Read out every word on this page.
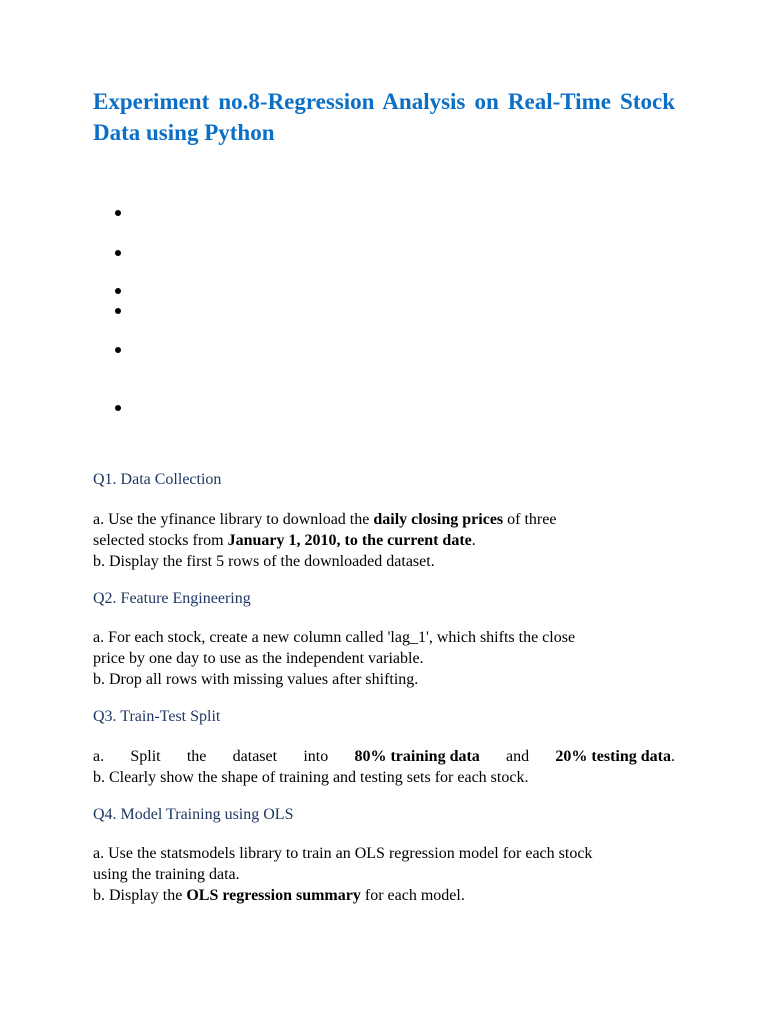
Experiment no.8-Regression Analysis on Real-Time Stock Data using Python
Q1. Data Collection
a. Use the yfinance library to download the daily closing prices of three
selected stocks from January 1, 2010, to the current date.
b. Display the first 5 rows of the downloaded dataset.
Q2. Feature Engineering
a. For each stock, create a new column called 'lag_1', which shifts the close
price by one day to use as the independent variable.
b. Drop all rows with missing values after shifting.
Q3. Train-Test Split
a. Split the dataset into 80% training data and 20% testing data.
b. Clearly show the shape of training and testing sets for each stock.
Q4. Model Training using OLS
a. Use the statsmodels library to train an OLS regression model for each stock
using the training data.
b. Display the OLS regression summary for each model.
